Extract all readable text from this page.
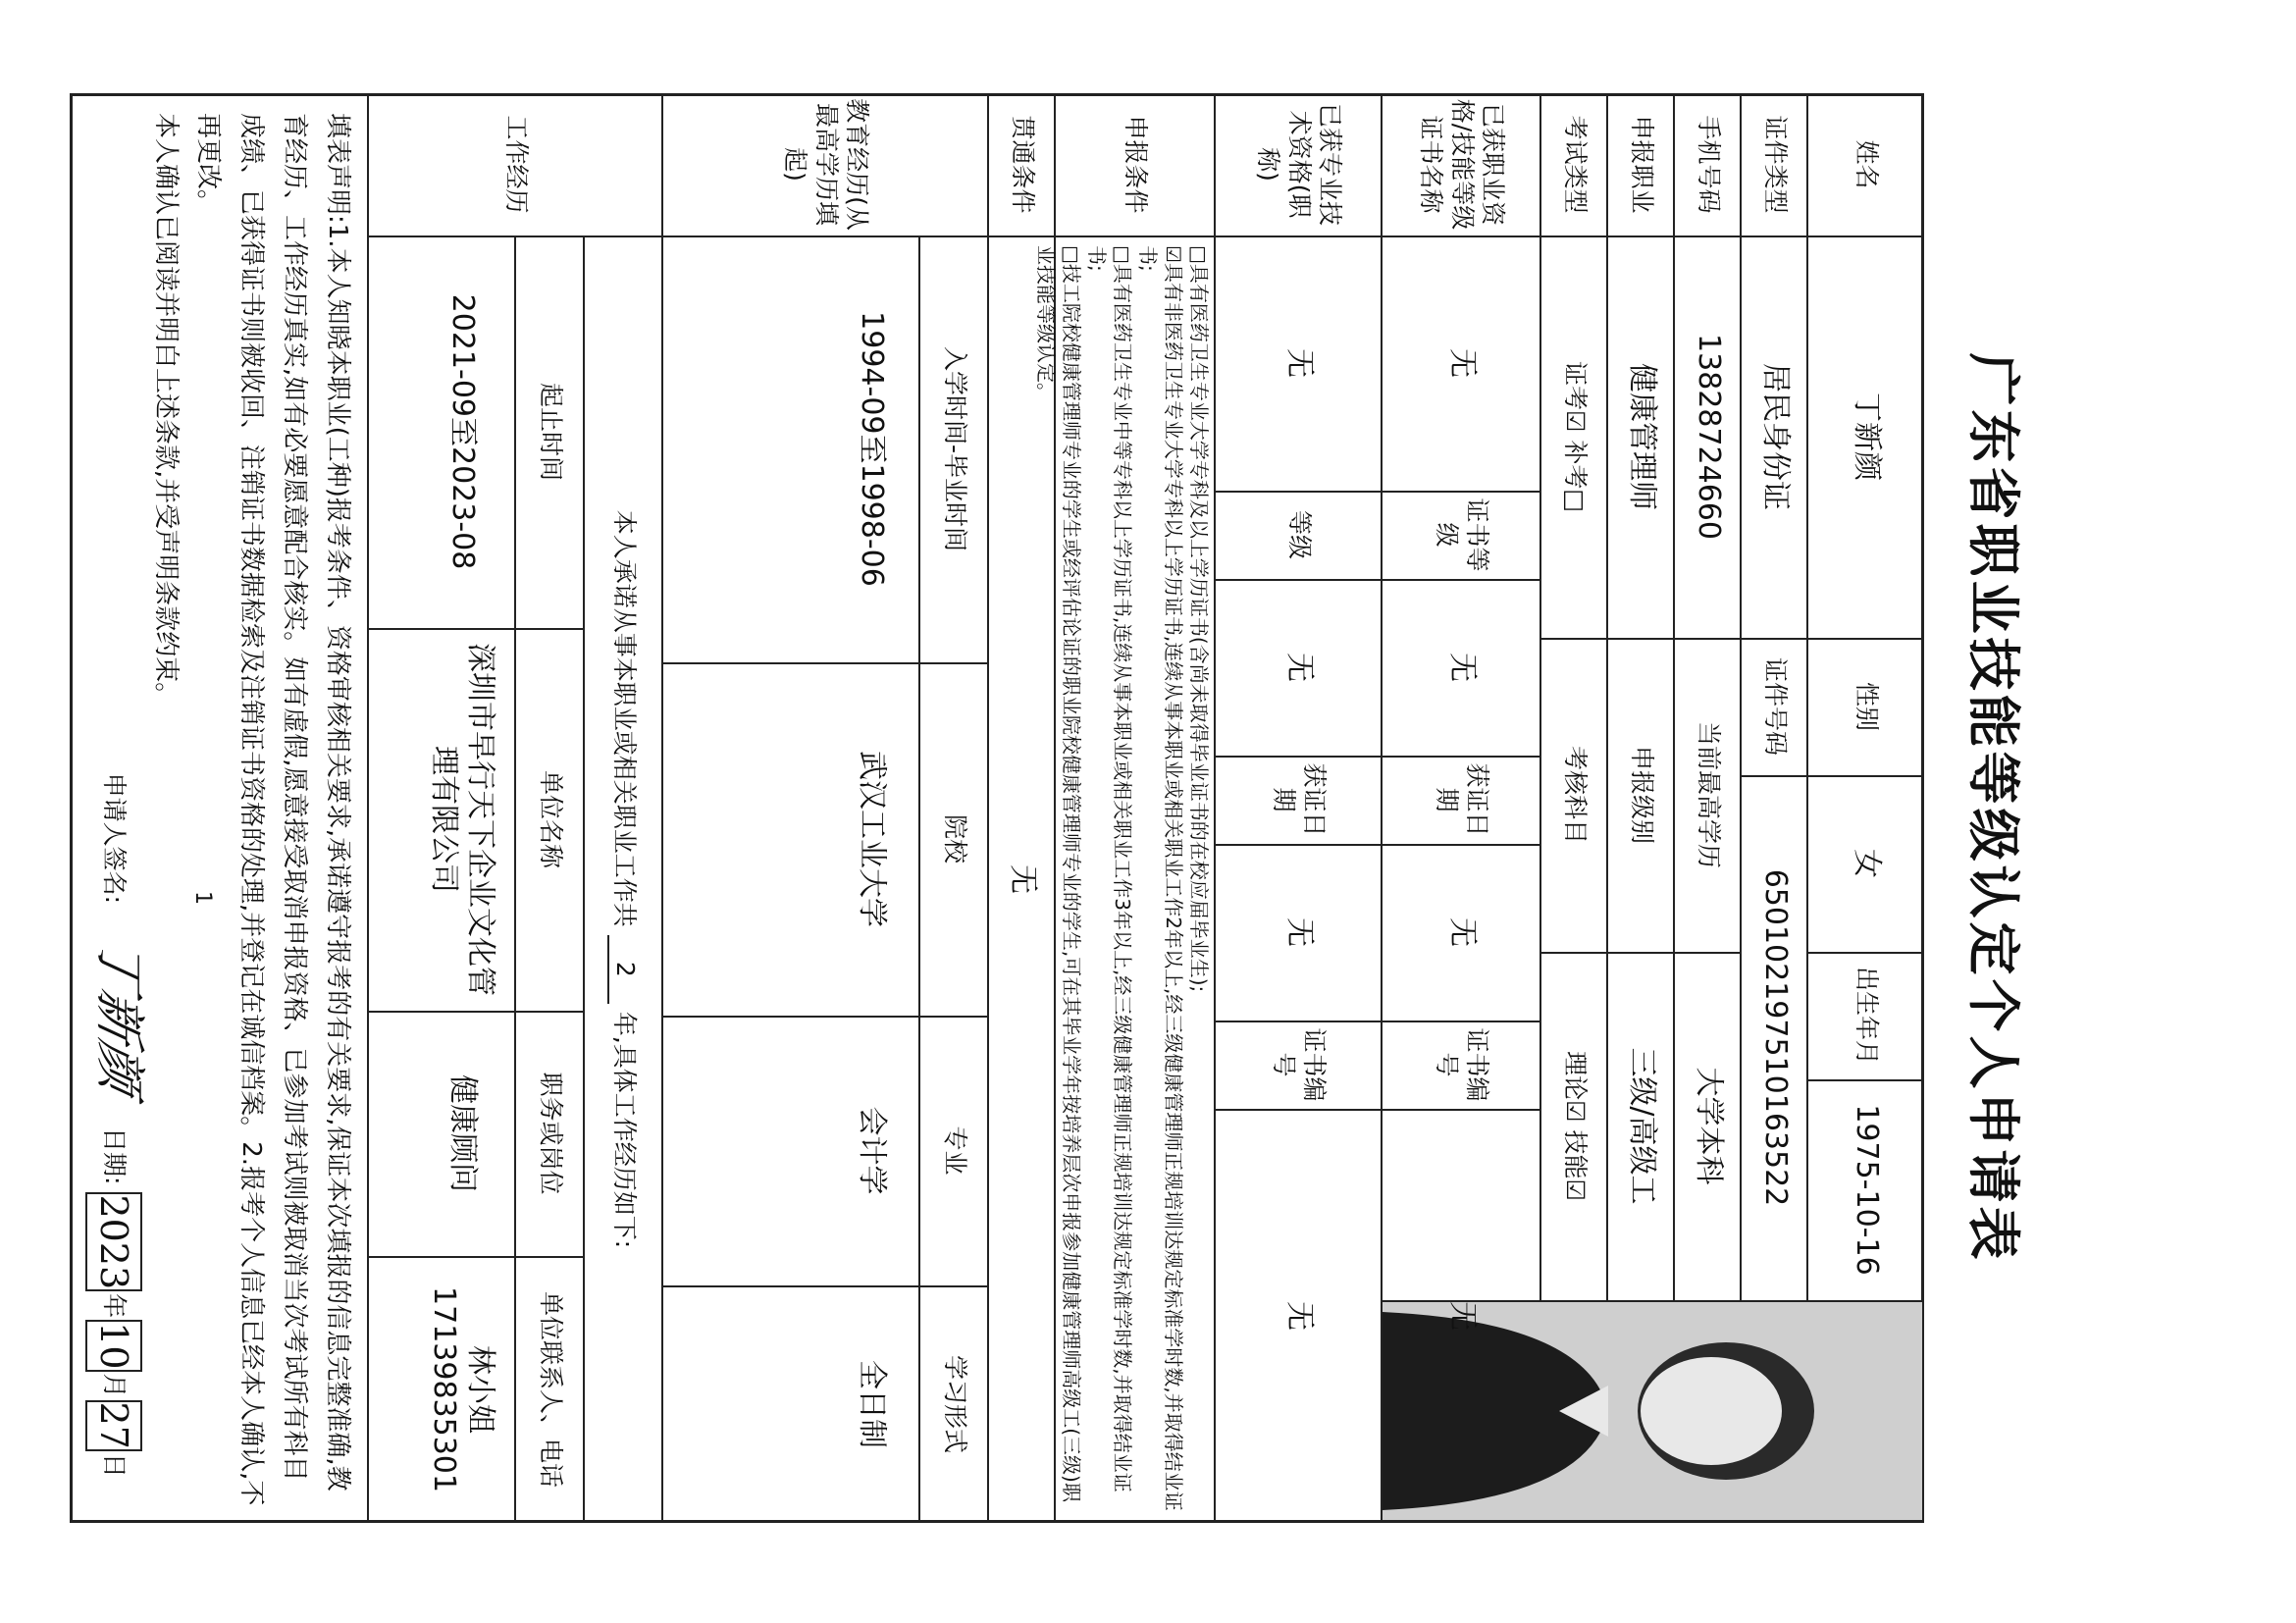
广东省职业技能等级认定个人申请表
姓名
丁新颜
性别
女
出生年月
1975-10-16
证件类型
居民身份证
证件号码
650102197510163522
手机号码
13828724660
当前最高学历
大学本科
申报职业
健康管理师
申报级别
三级/高级工
考试类型
证考☑ 补考□
考核科目
理论☑ 技能☑
已获职业资格/技能等级证书名称
无
证书等级
无
获证日期
无
证书编号
无
已获专业技术资格(职称)
无
等级
无
获证日期
无
证书编号
无
申报条件
□具有医药卫生专业大学专科及以上学历证书(含尚未取得毕业证书的在校应届毕业生);
☑具有非医药卫生专业大学专科以上学历证书,连续从事本职业或相关职业工作2年以上,经三级健康管理师正规培训达规定标准学时数,并取得结业证书;
□具有医药卫生专业中等专科以上学历证书,连续从事本职业或相关职业工作3年以上,经三级健康管理师正规培训达规定标准学时数,并取得结业证书;
□技工院校健康管理师专业的学生或经评估论证的职业院校健康管理师专业的学生,可在其毕业学年按培养层次申报参加健康管理师高级工(三级)职业技能等级认定。
贯通条件
无
教育经历(从最高学历填起)
入学时间-毕业时间
院校
专业
学习形式
1994-09至1998-06
武汉工业大学
会计学
全日制
工作经历
本人承诺从事本职业或相关职业工作共
2
年,具体工作经历如下:
起止时间
单位名称
职务或岗位
单位联系人、电话
2021-09至2023-08
深圳市早行天下企业文化管理有限公司
健康顾问
林小姐 17139835301
填表声明:1.本人知晓本职业(工种)报考条件、资格审核相关要求,承诺遵守报考的有关要求,保证本次填报的信息完整准确,教育经历、工作经历真实,如有必要愿意配合核实。如有虚假,愿意接受取消申报资格、已参加考试则被取消当次考试所有科目成绩、已获得证书则被收回、注销证书数据检索及注销证书资格的处理,并登记在诚信档案。2.报考个人信息已经本人确认,不再更改。
本人确认已阅读并明白上述条款,并受声明条款约束。
1
申请人签名:
丁新颜
日期:
2023
年
10
月
27
日
